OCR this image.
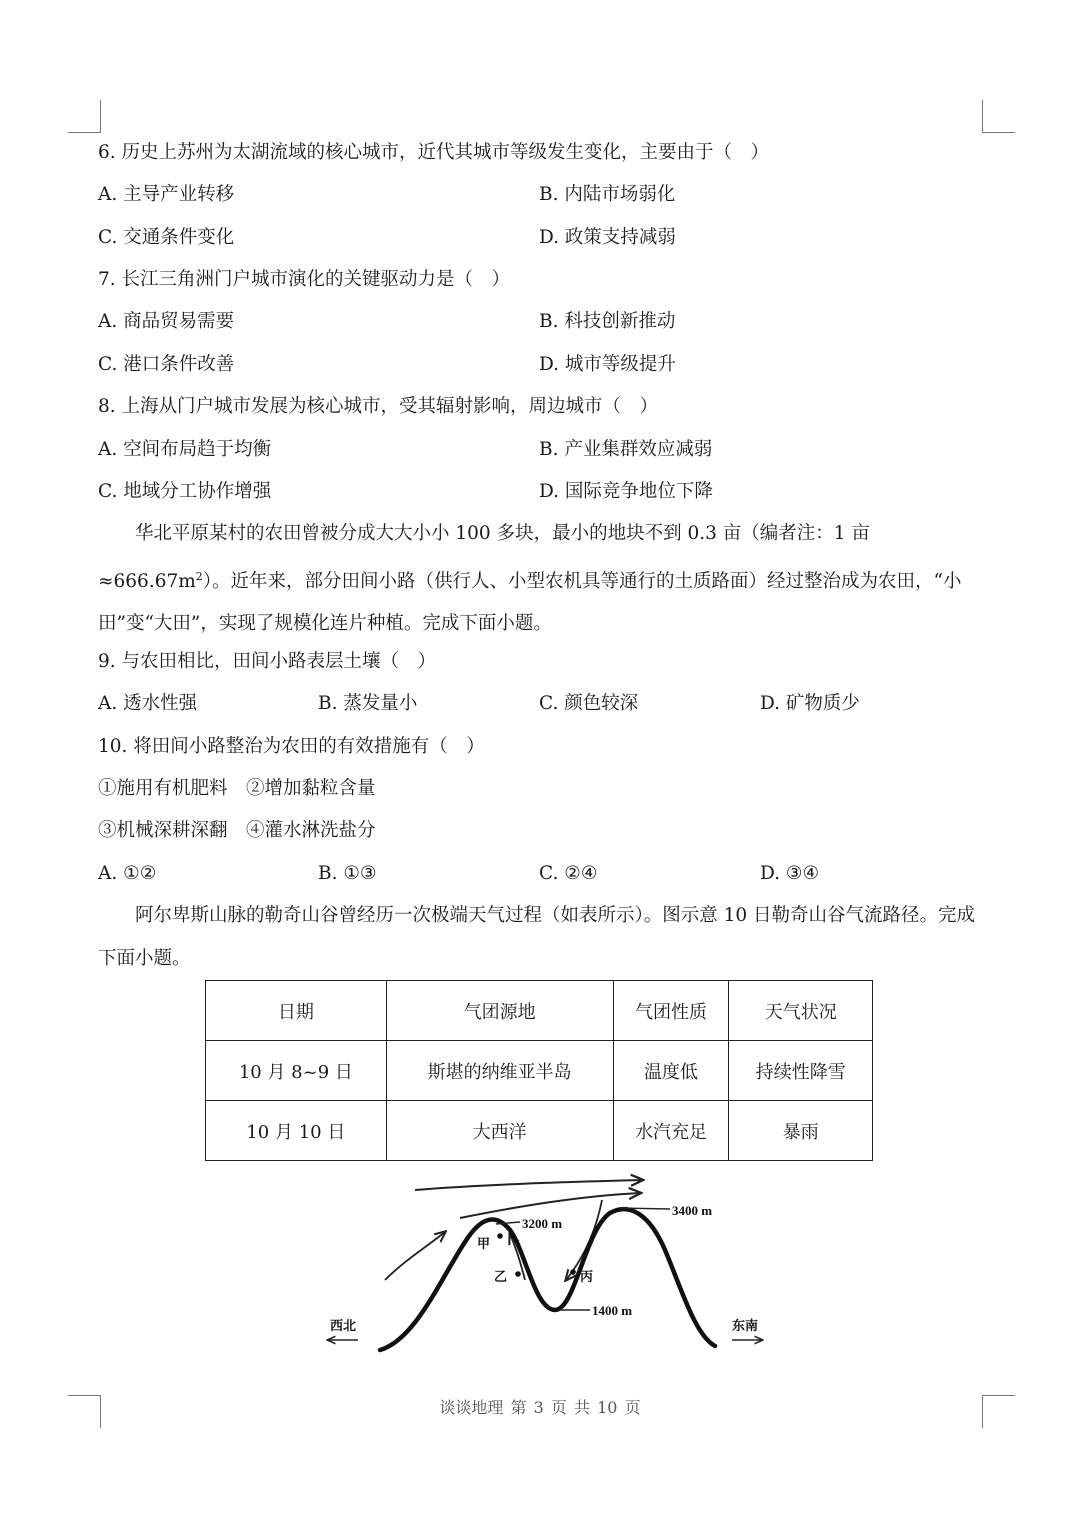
6. 历史上苏州为太湖流域的核心城市，近代其城市等级发生变化，主要由于（　）
A. 主导产业转移	B. 内陆市场弱化
C. 交通条件变化	D. 政策支持减弱
7. 长江三角洲门户城市演化的关键驱动力是（　）
A. 商品贸易需要	B. 科技创新推动
C. 港口条件改善	D. 城市等级提升
8. 上海从门户城市发展为核心城市，受其辐射影响，周边城市（　）
A. 空间布局趋于均衡	B. 产业集群效应减弱
C. 地域分工协作增强	D. 国际竞争地位下降
华北平原某村的农田曾被分成大大小小 100 多块，最小的地块不到 0.3 亩（编者注：1 亩$\approx 666.67m^2$）。近年来，部分田间小路（供行人、小型农机具等通行的土质路面）经过整治成为农田，“小田”变“大田”，实现了规模化连片种植。完成下面小题。
9. 与农田相比，田间小路表层土壤（　）
A. 透水性强	B. 蒸发量小	C. 颜色较深	D. 矿物质少
10. 将田间小路整治为农田的有效措施有（　）
①施用有机肥料　②增加黏粒含量
③机械深耕深翻　④灌水淋洗盐分
A. ①②	B. ①③	C. ②④	D. ③④
阿尔卑斯山脉的勒奇山谷曾经历一次极端天气过程（如表所示）。图示意 10 日勒奇山谷气流路径。完成下面小题。
日期	气团源地	气团性质	天气状况
10 月 8~9 日	斯堪的纳维亚半岛	温度低	持续性降雪
10 月 10 日	大西洋	水汽充足	暴雨
3400 m
3200 m
1400 m
甲
乙	丙
西北	东南
谈谈地理 第 3 页 共 10 页
